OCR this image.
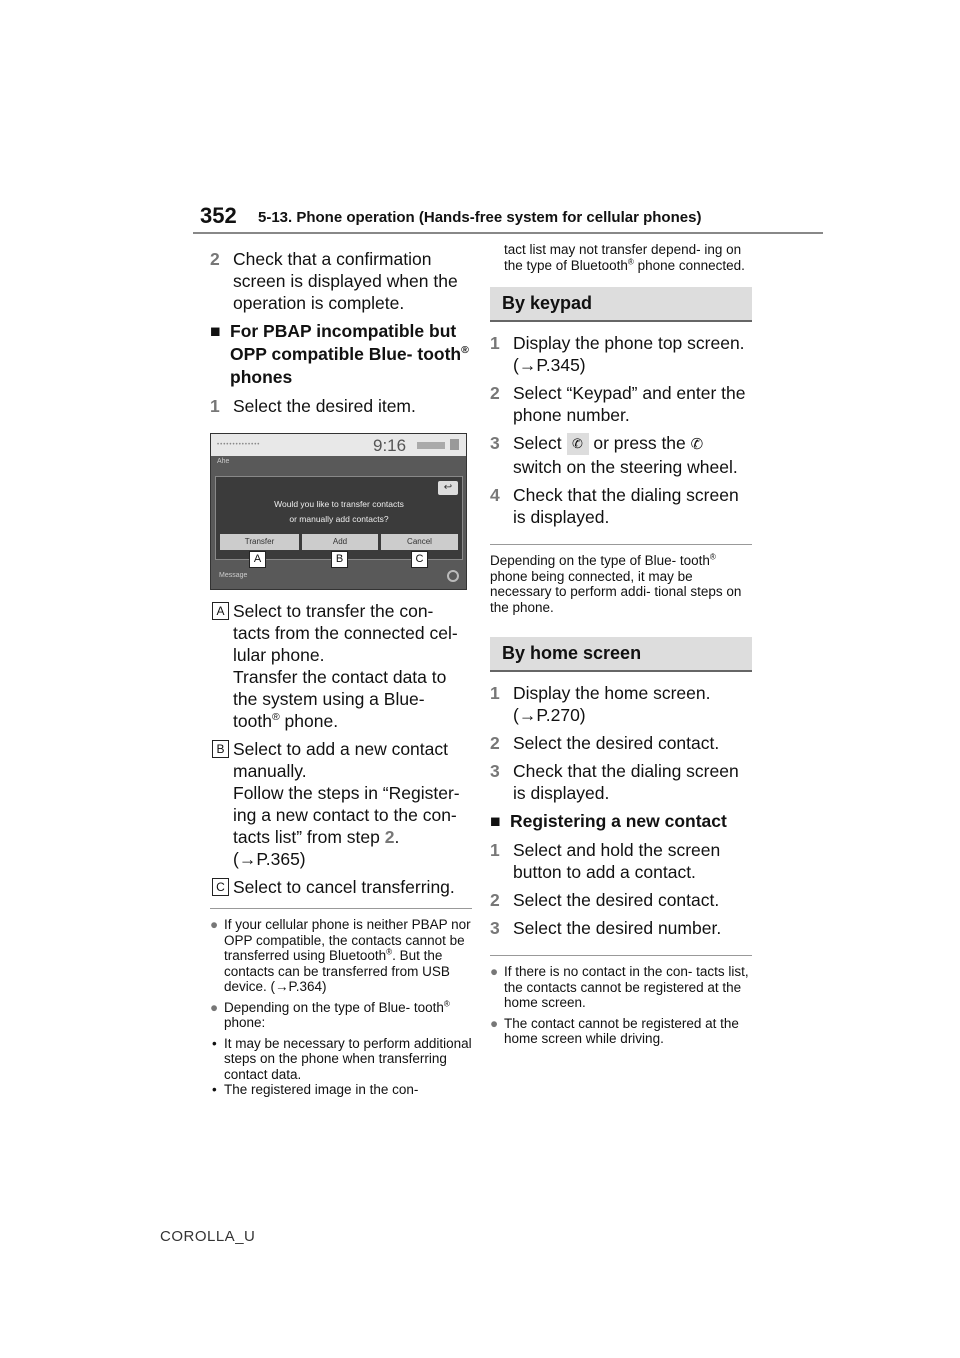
352 5-13. Phone operation (Hands-free system for cellular phones)
2 Check that a confirmation screen is displayed when the operation is complete.
■ For PBAP incompatible but OPP compatible Blue- tooth® phones
1 Select the desired item.
••••••••••••••	9:16
Ahe
Message
↩
Would you like to transfer contacts
or manually add contacts?
Transfer	Add	Cancel
A	B	C
A Select to transfer the con- tacts from the connected cel- lular phone.
Transfer the contact data to the system using a Blue- tooth® phone.
B Select to add a new contact manually.
Follow the steps in “Register- ing a new contact to the con- tacts list” from step 2.
(→P.365)
C Select to cancel transferring.
● If your cellular phone is neither PBAP nor OPP compatible, the contacts cannot be transferred using Bluetooth®. But the contacts can be transferred from USB device. (→P.364)
● Depending on the type of Blue- tooth® phone:
• It may be necessary to perform additional steps on the phone when transferring contact data.
• The registered image in the con-
tact list may not transfer depend- ing on the type of Bluetooth® phone connected.
By keypad
1 Display the phone top screen. (→P.345)
2 Select “Keypad” and enter the phone number.
3 Select ✆ or press the ✆
switch on the steering wheel.
4 Check that the dialing screen is displayed.
Depending on the type of Blue- tooth® phone being connected, it may be necessary to perform addi- tional steps on the phone.
By home screen
1 Display the home screen. (→P.270)
2 Select the desired contact.
3 Check that the dialing screen is displayed.
■ Registering a new contact
1 Select and hold the screen button to add a contact.
2 Select the desired contact.
3 Select the desired number.
● If there is no contact in the con- tacts list, the contacts cannot be registered at the home screen.
● The contact cannot be registered at the home screen while driving.
COROLLA_U
